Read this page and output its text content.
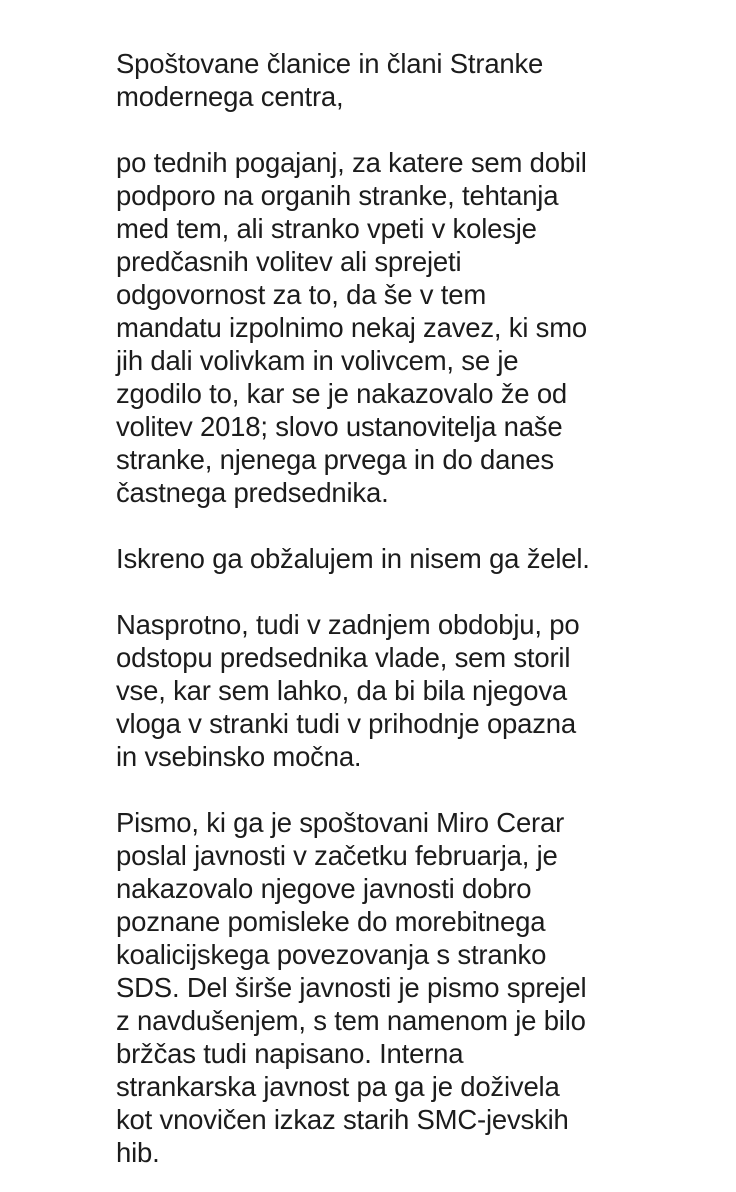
Spoštovane članice in člani Stranke
modernega centra,

po tednih pogajanj, za katere sem dobil
podporo na organih stranke, tehtanja
med tem, ali stranko vpeti v kolesje
predčasnih volitev ali sprejeti
odgovornost za to, da še v tem
mandatu izpolnimo nekaj zavez, ki smo
jih dali volivkam in volivcem, se je
zgodilo to, kar se je nakazovalo že od
volitev 2018; slovo ustanovitelja naše
stranke, njenega prvega in do danes
častnega predsednika.

Iskreno ga obžalujem in nisem ga želel.

Nasprotno, tudi v zadnjem obdobju, po
odstopu predsednika vlade, sem storil
vse, kar sem lahko, da bi bila njegova
vloga v stranki tudi v prihodnje opazna
in vsebinsko močna.

Pismo, ki ga je spoštovani Miro Cerar
poslal javnosti v začetku februarja, je
nakazovalo njegove javnosti dobro
poznane pomisleke do morebitnega
koalicijskega povezovanja s stranko
SDS. Del širše javnosti je pismo sprejel
z navdušenjem, s tem namenom je bilo
bržčas tudi napisano. Interna
strankarska javnost pa ga je doživela
kot vnovičen izkaz starih SMC-jevskih
hib.
